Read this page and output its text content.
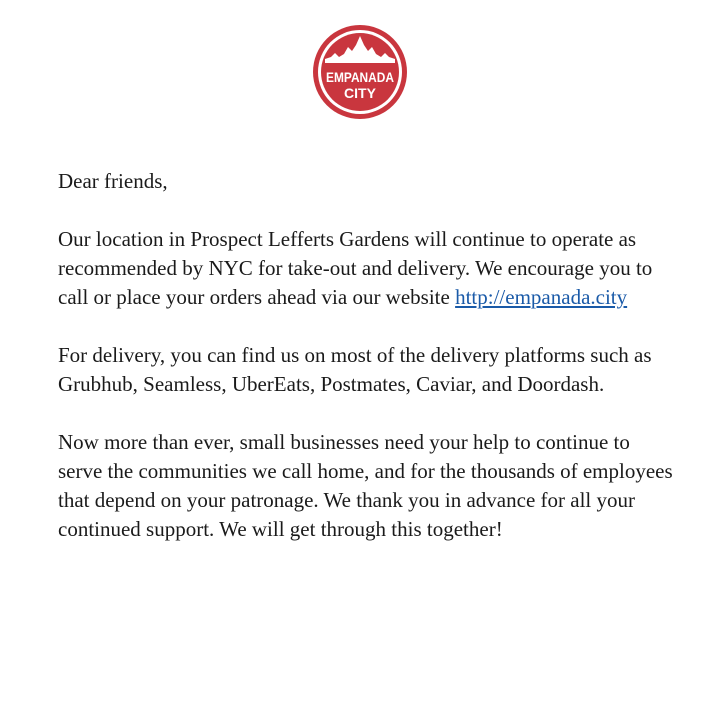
EMPANADA
CITY

Dear friends,

Our location in Prospect Lefferts Gardens will continue to operate as recommended by NYC for take-out and delivery. We encourage you to call or place your orders ahead via our website http://empanada.city

For delivery, you can find us on most of the delivery platforms such as Grubhub, Seamless, UberEats, Postmates, Caviar, and Doordash.

Now more than ever, small businesses need your help to continue to serve the communities we call home, and for the thousands of employees that depend on your patronage. We thank you in advance for all your continued support. We will get through this together!
